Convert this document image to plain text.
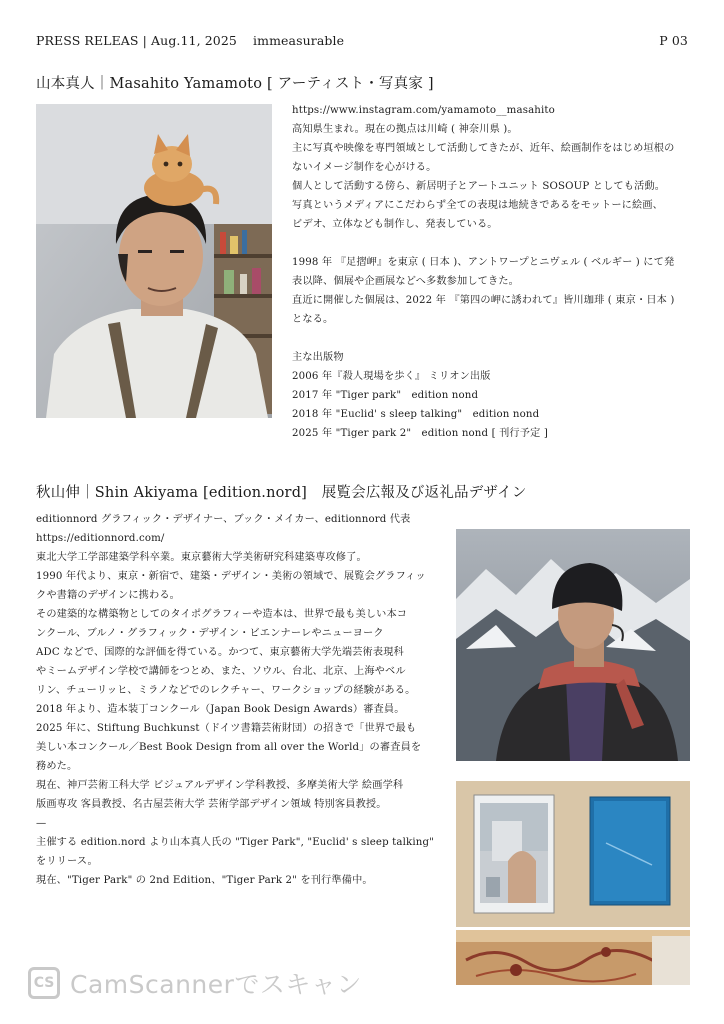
PRESS RELEAS | Aug.11, 2025 immeasurable	P 03
山本真人｜Masahito Yamamoto [ アーティスト・写真家 ]
https://www.instagram.com/yamamoto__masahito
高知県生まれ。現在の拠点は川崎 ( 神奈川県 )。
主に写真や映像を専門領域として活動してきたが、近年、絵画制作をはじめ垣根の
ないイメージ制作を心がける。
個人として活動する傍ら、新居明子とアートユニット SOSOUP としても活動。
写真というメディアにこだわらず全ての表現は地続きであるをモットーに絵画、
ビデオ、立体なども制作し、発表している。
1998 年 『足摺岬』を東京 ( 日本 )、アントワープとニヴェル ( ベルギー ) にて発
表以降、個展や企画展などへ多数参加してきた。
直近に開催した個展は、2022 年 『第四の岬に誘われて』皆川珈琲 ( 東京・日本 )
となる。
主な出版物
2006 年『殺人現場を歩く』 ミリオン出版
2017 年 "Tiger park"　edition nond
2018 年 "Euclid' s sleep talking"　edition nond
2025 年 "Tiger park 2"　edition nond [ 刊行予定 ]
秋山伸｜Shin Akiyama [edition.nord]　展覧会広報及び返礼品デザイン
editionnord グラフィック・デザイナー、ブック・メイカー、editionnord 代表
https://editionnord.com/
東北大学工学部建築学科卒業。東京藝術大学美術研究科建築専攻修了。
1990 年代より、東京・新宿で、建築・デザイン・美術の領域で、展覧会グラフィッ
クや書籍のデザインに携わる。
その建築的な構築物としてのタイポグラフィーや造本は、世界で最も美しい本コ
ンクール、ブルノ・グラフィック・デザイン・ビエンナーレやニューヨーク
ADC などで、国際的な評価を得ている。かつて、東京藝術大学先端芸術表現科
やミームデザイン学校で講師をつとめ、また、ソウル、台北、北京、上海やベル
リン、チューリッヒ、ミラノなどでのレクチャー、ワークショップの経験がある。
2018 年より、造本装丁コンクール（Japan Book Design Awards）審査員。
2025 年に、Stiftung Buchkunst（ドイツ書籍芸術財団）の招きで「世界で最も
美しい本コンクール／Best Book Design from all over the World」の審査員を
務めた。
現在、神戸芸術工科大学 ビジュアルデザイン学科教授、多摩美術大学 絵画学科
版画専攻 客員教授、名古屋芸術大学 芸術学部デザイン領域 特別客員教授。
—
主催する edition.nord より山本真人氏の "Tiger Park", "Euclid' s sleep talking"
をリリース。
現在、"Tiger Park" の 2nd Edition、"Tiger Park 2" を刊行準備中。
CS CamScannerでスキャン
